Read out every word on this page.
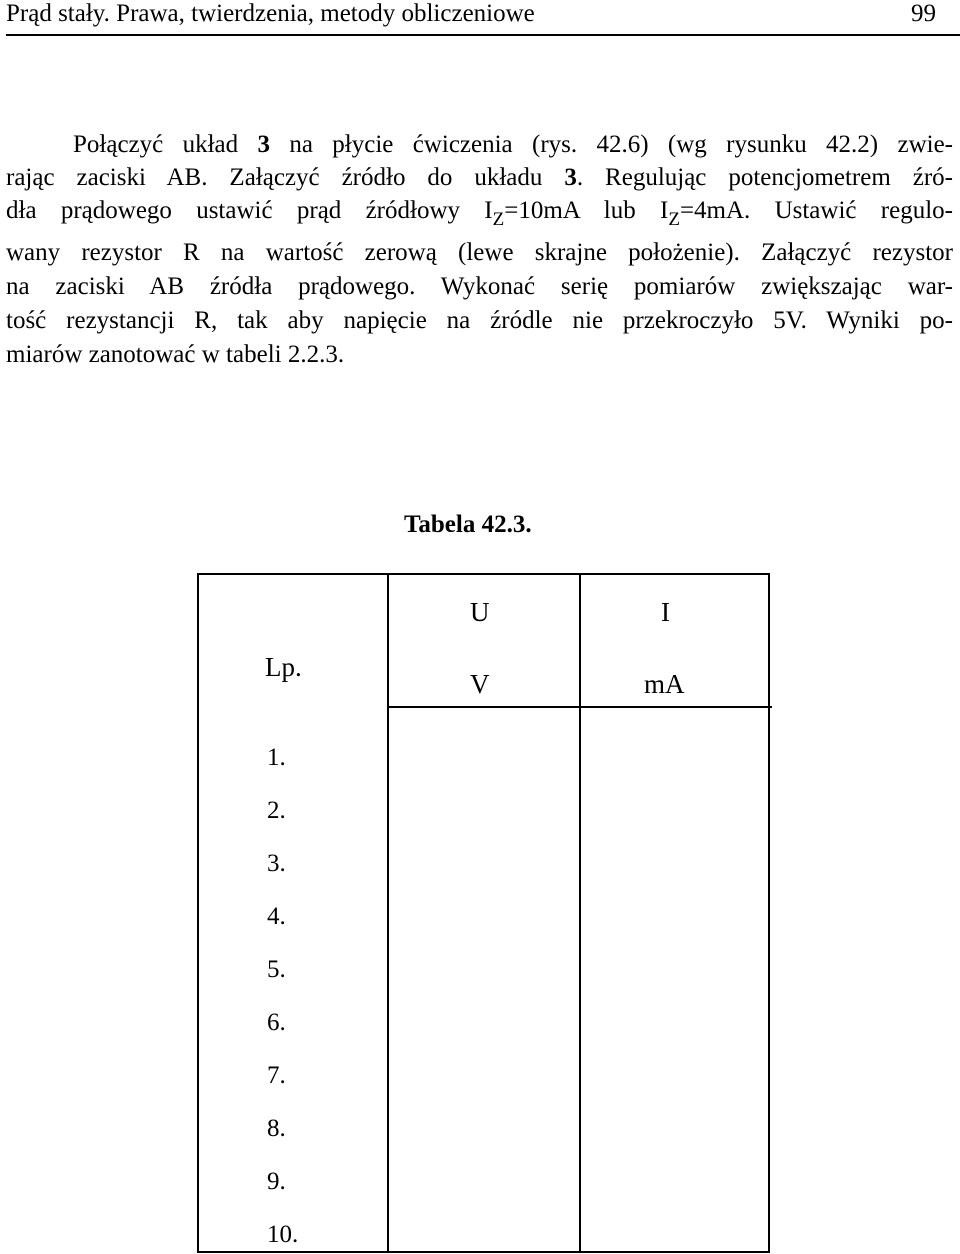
Prąd stały. Prawa, twierdzenia, metody obliczeniowe	99
Połączyć układ 3 na płycie ćwiczenia (rys. 42.6) (wg rysunku 42.2) zwie-
rając zaciski AB. Załączyć źródło do układu 3. Regulując potencjometrem źró-
dła prądowego ustawić prąd źródłowy $I_Z=10mA$ lub $I_Z=4mA$. Ustawić regulo-
wany rezystor R na wartość zerową (lewe skrajne położenie). Załączyć rezystor
na zaciski AB źródła prądowego. Wykonać serię pomiarów zwiększając war-
tość rezystancji R, tak aby napięcie na źródle nie przekroczyło 5V. Wyniki po-
miarów zanotować w tabeli 2.2.3.
Tabela 42.3.
Lp.
U
V
I
mA
1.
2.
3.
4.
5.
6.
7.
8.
9.
10.
